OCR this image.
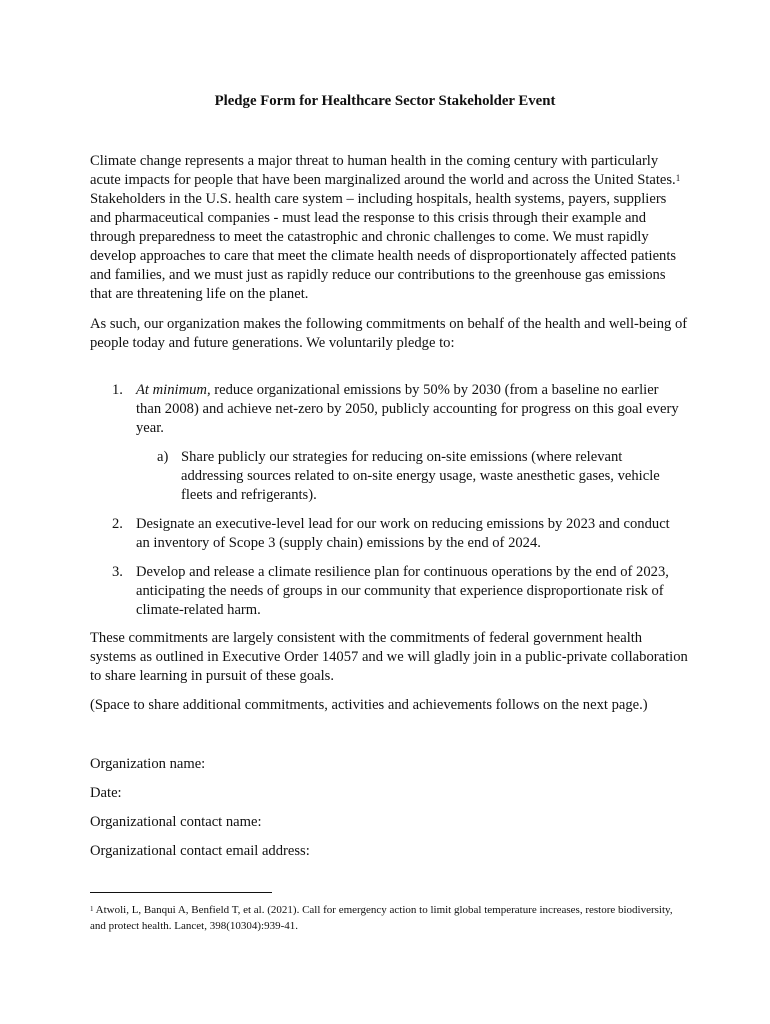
Pledge Form for Healthcare Sector Stakeholder Event

Climate change represents a major threat to human health in the coming century with particularly acute impacts for people that have been marginalized around the world and across the United States.$^1$ Stakeholders in the U.S. health care system – including hospitals, health systems, payers, suppliers and pharmaceutical companies - must lead the response to this crisis through their example and through preparedness to meet the catastrophic and chronic challenges to come. We must rapidly develop approaches to care that meet the climate health needs of disproportionately affected patients and families, and we must just as rapidly reduce our contributions to the greenhouse gas emissions that are threatening life on the planet.

As such, our organization makes the following commitments on behalf of the health and well-being of people today and future generations. We voluntarily pledge to:

1. At minimum, reduce organizational emissions by 50% by 2030 (from a baseline no earlier than 2008) and achieve net-zero by 2050, publicly accounting for progress on this goal every year.
a) Share publicly our strategies for reducing on-site emissions (where relevant addressing sources related to on-site energy usage, waste anesthetic gases, vehicle fleets and refrigerants).
2. Designate an executive-level lead for our work on reducing emissions by 2023 and conduct an inventory of Scope 3 (supply chain) emissions by the end of 2024.
3. Develop and release a climate resilience plan for continuous operations by the end of 2023, anticipating the needs of groups in our community that experience disproportionate risk of climate-related harm.

These commitments are largely consistent with the commitments of federal government health systems as outlined in Executive Order 14057 and we will gladly join in a public-private collaboration to share learning in pursuit of these goals.

(Space to share additional commitments, activities and achievements follows on the next page.)

Organization name:
Date:
Organizational contact name:
Organizational contact email address:
$^1$ Atwoli, L, Banqui A, Benfield T, et al. (2021). Call for emergency action to limit global temperature increases, restore biodiversity, and protect health. Lancet, 398(10304):939-41.
